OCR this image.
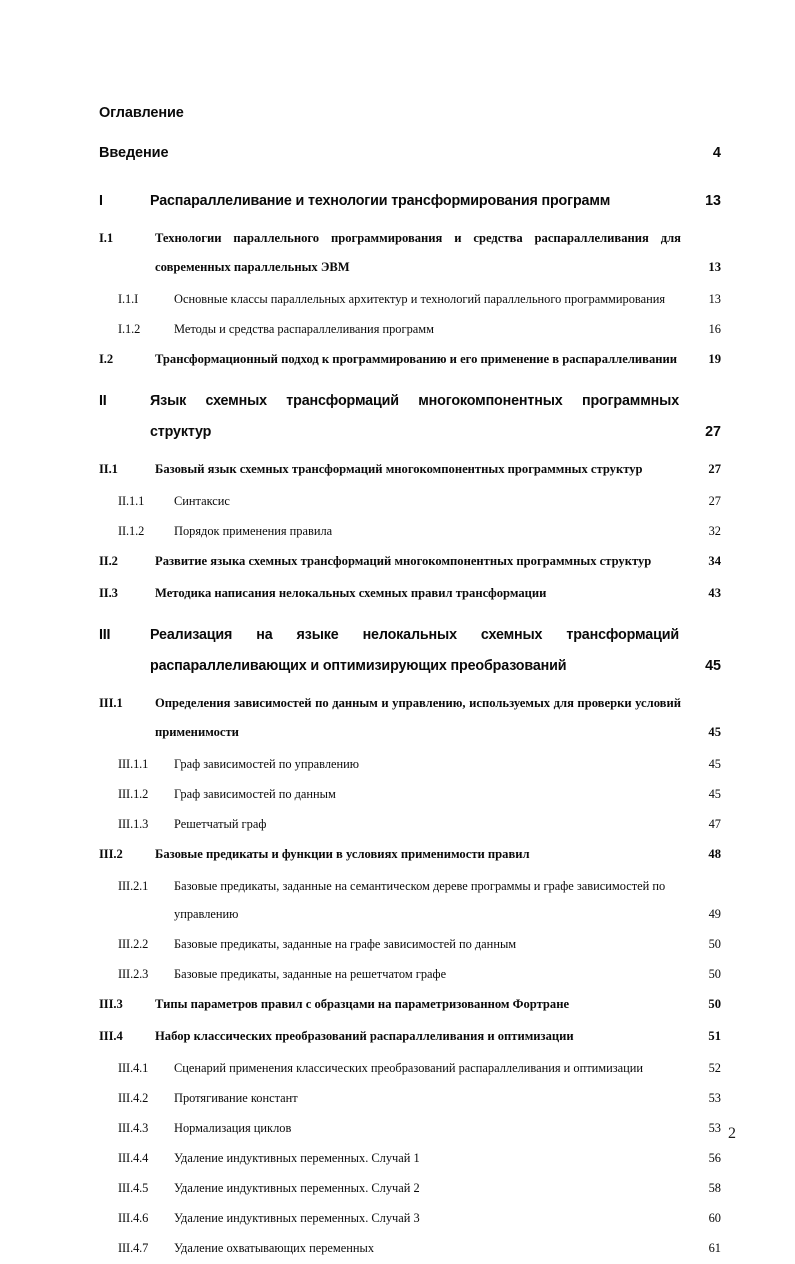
Оглавление
Введение	4
I	Распараллеливание и технологии трансформирования программ	13
I.1	Технологии параллельного программирования и средства распараллеливания для современных параллельных ЭВМ	13
I.1.I	Основные классы параллельных архитектур и технологий параллельного программирования	13
I.1.2	Методы и средства распараллеливания программ	16
I.2	Трансформационный подход к программированию и его применение в распараллеливании	19
II	Язык схемных трансформаций многокомпонентных программных структур	27
II.1	Базовый язык схемных трансформаций многокомпонентных программных структур	27
II.1.1	Синтаксис	27
II.1.2	Порядок применения правила	32
II.2	Развитие языка схемных трансформаций многокомпонентных программных структур	34
II.3	Методика написания нелокальных схемных правил трансформации	43
III	Реализация на языке нелокальных схемных трансформаций распараллеливающих и оптимизирующих преобразований	45
III.1	Определения зависимостей по данным и управлению, используемых для проверки условий применимости	45
III.1.1	Граф зависимостей по управлению	45
III.1.2	Граф зависимостей по данным	45
III.1.3	Решетчатый граф	47
III.2	Базовые предикаты и функции в условиях применимости правил	48
III.2.1	Базовые предикаты, заданные на семантическом дереве программы и графе зависимостей по управлению	49
III.2.2	Базовые предикаты, заданные на графе зависимостей по данным	50
III.2.3	Базовые предикаты, заданные на решетчатом графе	50
III.3	Типы параметров правил с образцами на параметризованном Фортране	50
III.4	Набор классических преобразований распараллеливания и оптимизации	51
III.4.1	Сценарий применения классических преобразований распараллеливания и оптимизации	52
III.4.2	Протягивание констант	53
III.4.3	Нормализация циклов	53
III.4.4	Удаление индуктивных переменных. Случай 1	56
III.4.5	Удаление индуктивных переменных. Случай 2	58
III.4.6	Удаление индуктивных переменных. Случай 3	60
III.4.7	Удаление охватывающих переменных	61
2
